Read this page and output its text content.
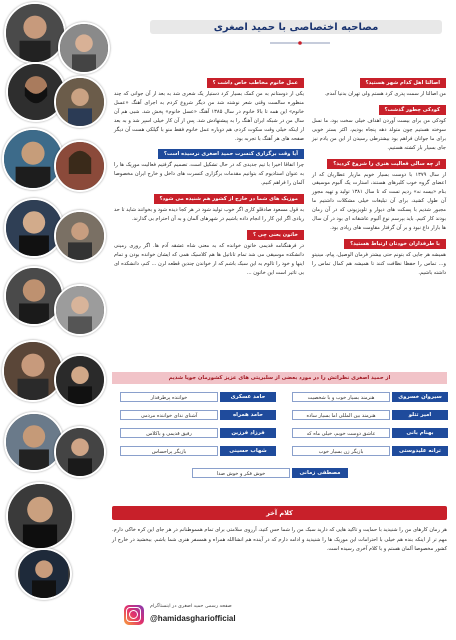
مصاحبه اختصاصی با حمید اصغری
اصالتا اهل کدام شهر هستید؟

من اصالتا از سمت پدری کرد هستم ولی تهران بدنیا آمدم.

کودکی چطور گذشت؟

کودکی من برای بیست آوردن اهداف خیلی سخت بود، ما نسل سوخته هستیم چون متولد دهه پنجاه بودیم، اکثر بستر خوبی برای ما جوانان فراهم بود بیشترطی رسیدن از این من یادم نیز جای بسیار باز کشته هستیم.

از چه سالی فعالیت هنری را شروع کردید؟

از سال ۱۳۷۹ با دوست بسیار خوبم مازیار عطاریان که از اعضای گروه خوب کلبرهای هستند، استارت یک آلبوم موسیقی بنام «بیسه نه» زدیم تست که تا سال ۱۳۸۱ تولید و تهیه مجوز آن طول کشید، برای آن تبلیغات خیلی مشکلات داشتیم ما مجبور شدیم با پسکت های دیوار و تلویزیونی که در آن زمان بودند کار کنیم. باید بپرسم نوع آلبوم عاشقانه ای بود در آن سال ها بازار داغ نبود و بر آن گرفتار مقاومت های زیادی بود.

با طرفداران خودتان ارتباط هستید؟

همیشه هر جایی که بتونم حتی بیشتر فرمان الوصیل، پیام، مینیتو و... تماس را حفظا نظافت کنند تا همیشه هم کمال تماس را داشته باشیم.

عمل خانوم مخاطب خاص داشت ؟

یکی از دوستانم به من کمک بسیار کرد دستیار یک شعری شد به بعد از آن جوانی که چند منظوره سالست وقتی شعر نوشته شد من دیگر شروع کردم به اجرای آهنگ «عسل خانوم» این همه تا بالا خانوم در سال ۱۳۸۵ آهنگ «عسل خانوم» پخش شد. شبی هم آن سال من در شبکه ایران آهنگ را به پیشنهادش شد. پس از آن کار خیلی اسپر شد و به بعد از اینکه خیلی وقت سکوت کردم، هم دوباره عمل خانوم فقط منو با گیلکی هست آن دیگر صفحه های هر آهنگ با تجربه بود.

آیا وقت برگزاری کنسرت حمید اصغری نرسیده است؟

چرا اتفاقا اخیرا با تیم جدیدی که در حال تشکیل است، تصمیم گرفتیم فعالیت موزیک ها را به عنوان استادیوم که بتوانیم مقدمات برگزاری کنسرت های داخل و خارج ایران مخصوصا آلمان را فراهم کنیم.

موزیک های شما در خارج از کشور هم شنیده می شود؟

به قول مسعود صادقلو کاری اگر خوب تولید شود در هر کجا دیده شود و بخوانند شاید تا حد زیادی اگر این کار را انجام داده باشیم در شهرهای آلمان و به آن احترام بی گذارند.

خاتون یعنی چی ؟

در فرهنگنامه قدیمی خاتون خوانده که به معنی شاه عشقه آدم ها. اگر روزی زمینی دانشکده موسیقی می شد تمام تاناتیل ها هم کلاسیک همی که ایشان خوانده بودن و تمام اینها و خود را تالوم به این سبک باشم که از خواندن چندین قطعه لرن ... کنم، دانشکده ای بی تاثیر است این خاتون ...

از حمید اصغری نظراتش را در مورد بعضی از سلبریتی های عزیز کشورمان جویا شدیم
سیروان خسروی
هنرمند بسیار خوب و با شخصیت
حامد عسکری
خواننده پرطرفدار
امیر تتلو
هنرمند بین المللی اما بسیار ساده
حامد همراه
آشنای ندای خواننده مردمی
بهنام بانی
عاشق دوست خوبم، خیلی ماه که
فرزاد فرزین
رفیق قدیمی و باکلاس
ترانه علیدوستی
بازیگر زن بسیار خوب
شهاب حسینی
بازیگر پراحساس
مصطفی زمانی
خوش فکر و خوش صدا
کلام آخر
هر زمان کارهای من را شنیدید با حمایت و تاکید هایی که دارید سبک من را شما حس کنید، آرزوی سلامتی برای تمام همموطنانم در هر جای این کره خاکی دارم. مهم تر از اینکه بنده هم خیلی با احترامات این موزیک ها را شنیدید و ادامه دارم که در آینده هم انشاالله همراه و همسفر هنری شما باشم. ببخشید در خارج از کشور مخصوصا آلمان هستم و با کلام آخری رسیده است.
صفحه رسمی حمید اصغری در اینستاگرام
@hamidasghariofficial
